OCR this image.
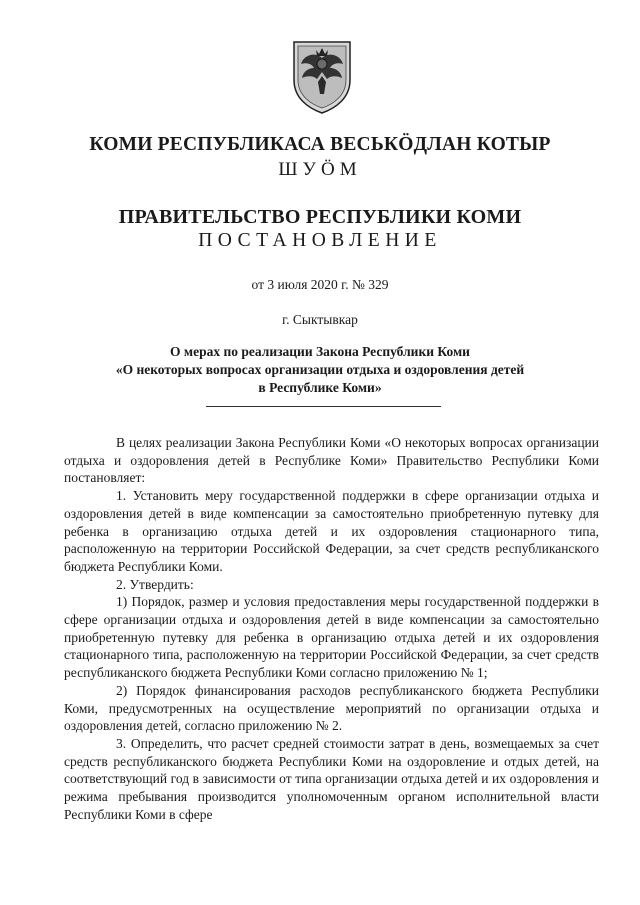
КОМИ РЕСПУБЛИКАСА ВЕСЬКÖДЛАН КОТЫР
ШУÖМ
ПРАВИТЕЛЬСТВО РЕСПУБЛИКИ КОМИ
ПОСТАНОВЛЕНИЕ
от 3 июля 2020 г. № 329
г. Сыктывкар
О мерах по реализации Закона Республики Коми
«О некоторых вопросах организации отдыха и оздоровления детей
в Республике Коми»

В целях реализации Закона Республики Коми «О некоторых вопросах организации отдыха и оздоровления детей в Республике Коми» Правительство Республики Коми постановляет:

1. Установить меру государственной поддержки в сфере организации отдыха и оздоровления детей в виде компенсации за самостоятельно приобретенную путевку для ребенка в организацию отдыха детей и их оздоровления стационарного типа, расположенную на территории Российской Федерации, за счет средств республиканского бюджета Республики Коми.

2. Утвердить:

1) Порядок, размер и условия предоставления меры государственной поддержки в сфере организации отдыха и оздоровления детей в виде компенсации за самостоятельно приобретенную путевку для ребенка в организацию отдыха детей и их оздоровления стационарного типа, расположенную на территории Российской Федерации, за счет средств республиканского бюджета Республики Коми согласно приложению № 1;

2) Порядок финансирования расходов республиканского бюджета Республики Коми, предусмотренных на осуществление мероприятий по организации отдыха и оздоровления детей, согласно приложению № 2.

3. Определить, что расчет средней стоимости затрат в день, возмещаемых за счет средств республиканского бюджета Республики Коми на оздоровление и отдых детей, на соответствующий год в зависимости от типа организации отдыха детей и их оздоровления и режима пребывания производится уполномоченным органом исполнительной власти Республики Коми в сфере
